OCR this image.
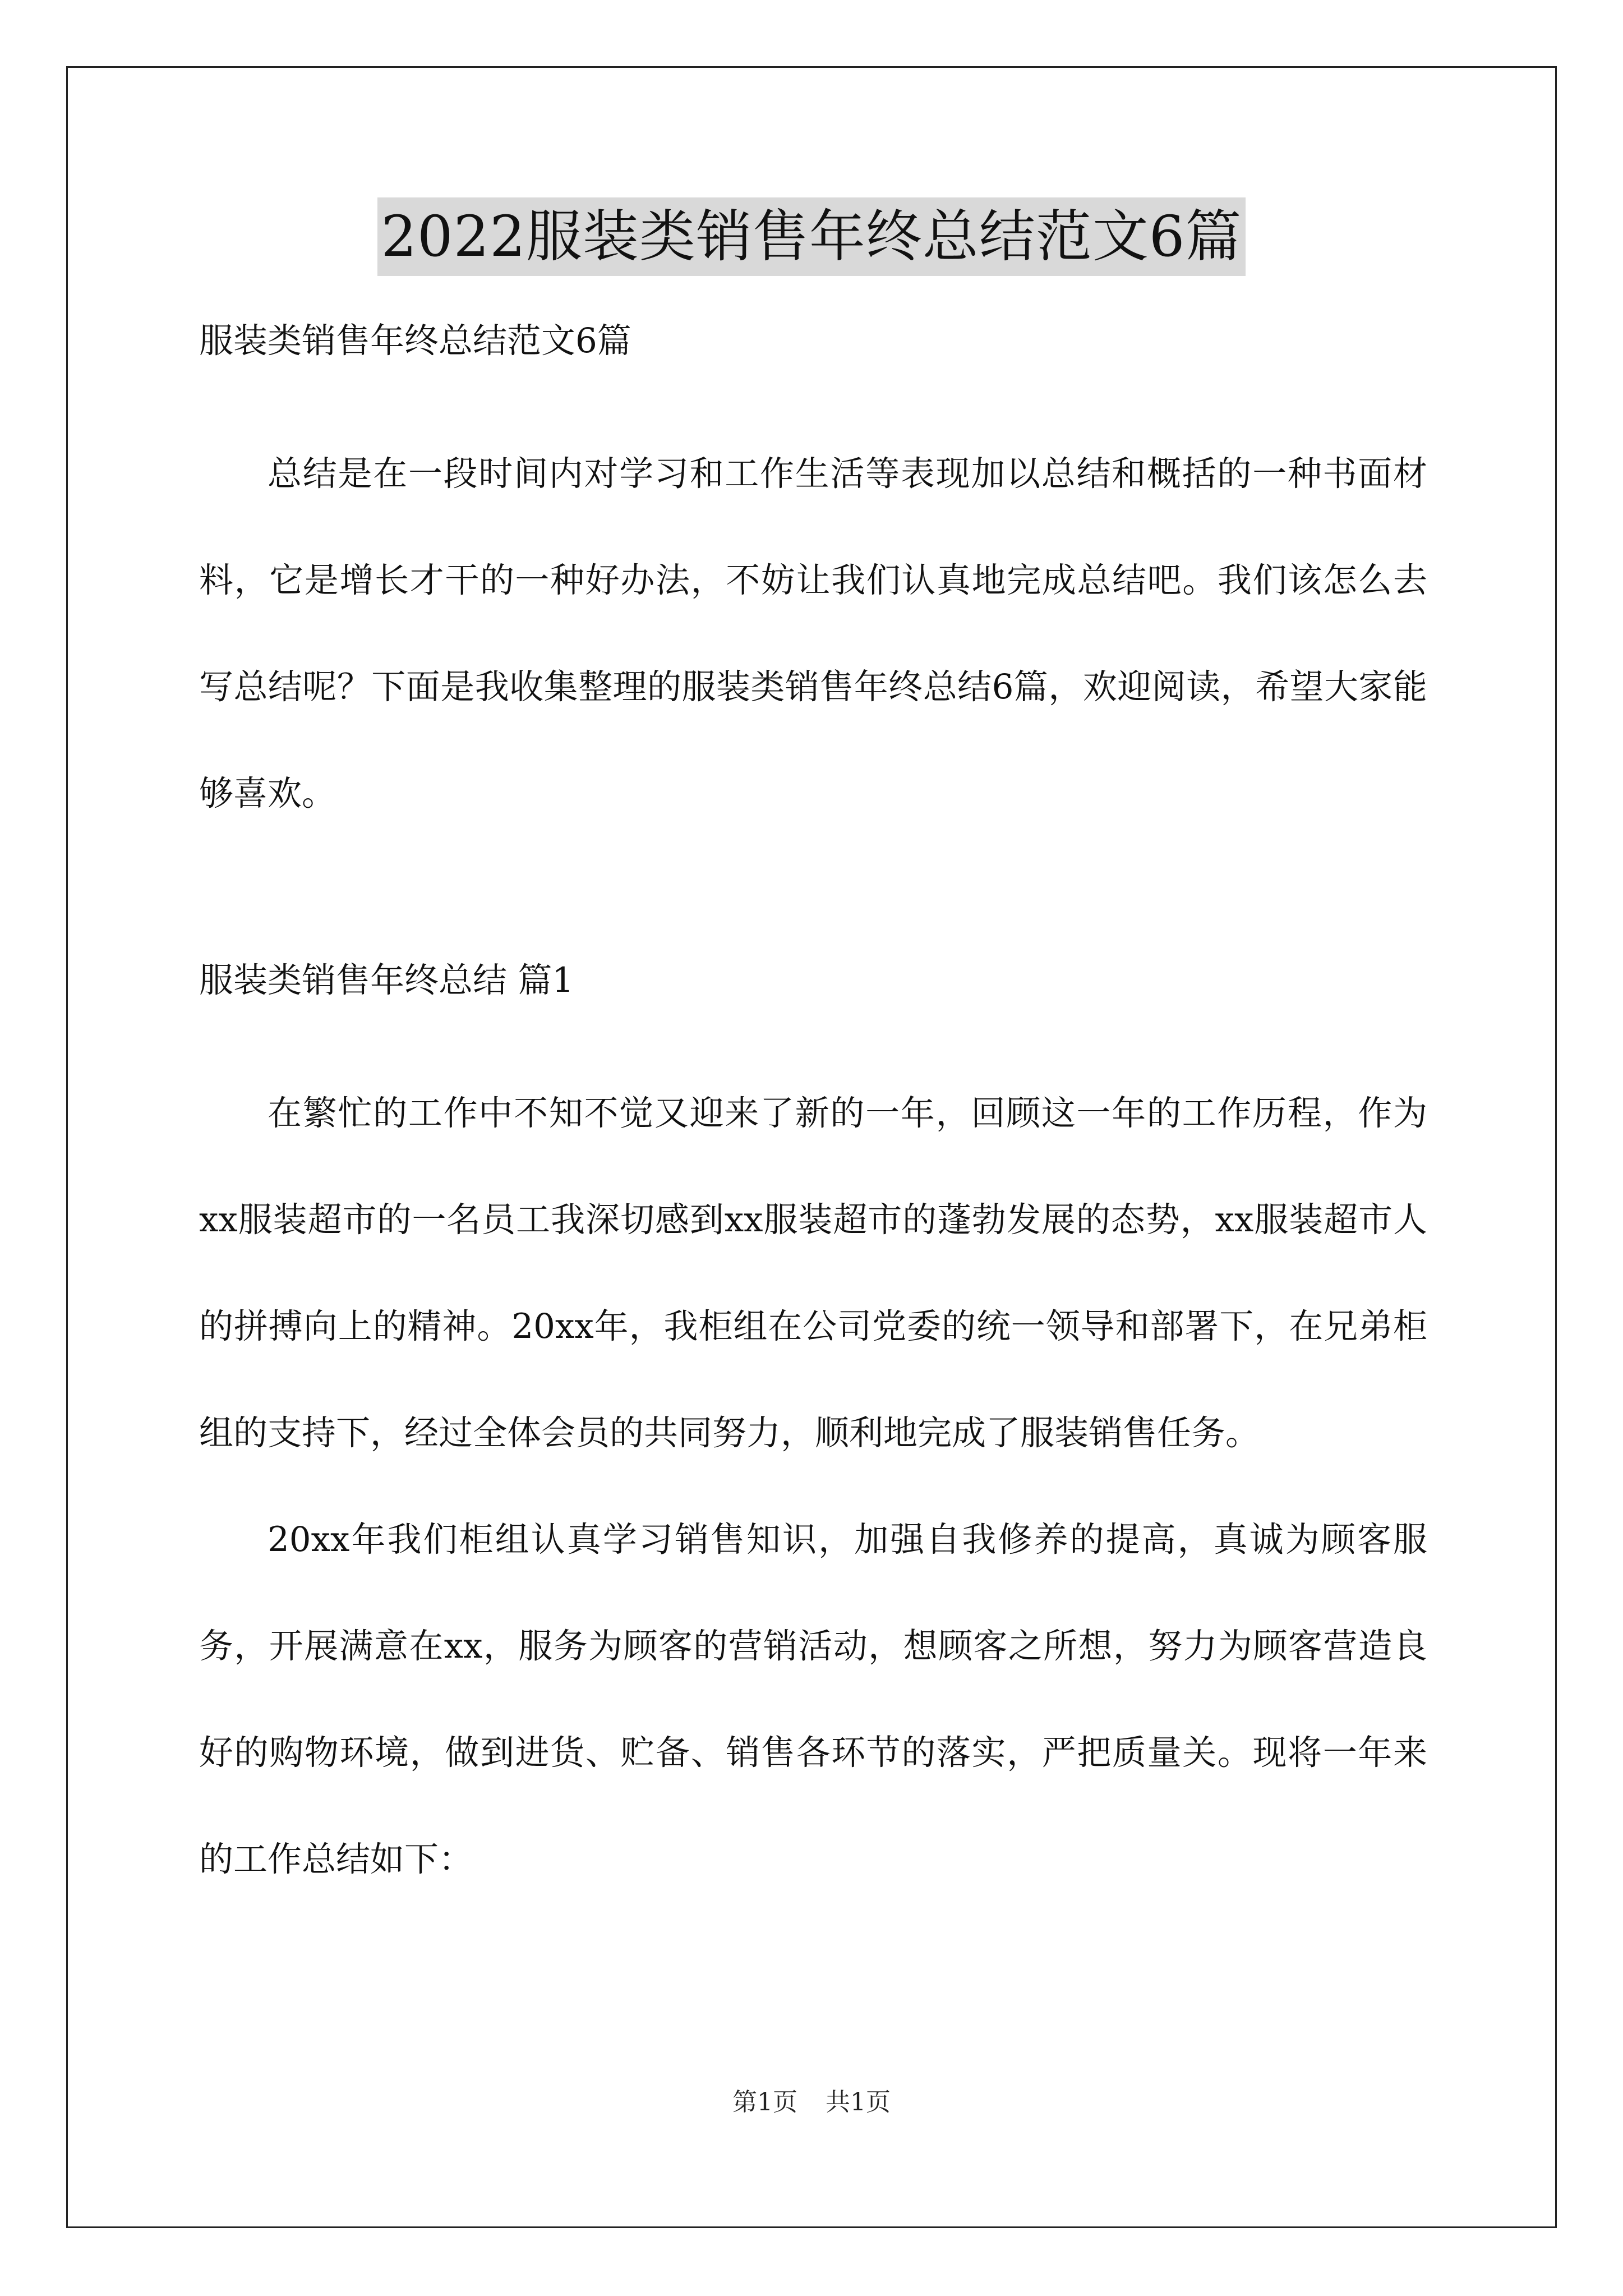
2022服装类销售年终总结范文6篇

服装类销售年终总结范文6篇

总结是在一段时间内对学习和工作生活等表现加以总结和概括的一种书面材料，它是增长才干的一种好办法，不妨让我们认真地完成总结吧。我们该怎么去写总结呢？下面是我收集整理的服装类销售年终总结6篇，欢迎阅读，希望大家能够喜欢。

服装类销售年终总结 篇1

在繁忙的工作中不知不觉又迎来了新的一年，回顾这一年的工作历程，作为xx服装超市的一名员工我深切感到xx服装超市的蓬勃发展的态势，xx服装超市人的拼搏向上的精神。20xx年，我柜组在公司党委的统一领导和部署下，在兄弟柜组的支持下，经过全体会员的共同努力，顺利地完成了服装销售任务。

20xx年我们柜组认真学习销售知识，加强自我修养的提高，真诚为顾客服务，开展满意在xx，服务为顾客的营销活动，想顾客之所想，努力为顾客营造良好的购物环境，做到进货、贮备、销售各环节的落实，严把质量关。现将一年来的工作总结如下：

第1页 共1页
